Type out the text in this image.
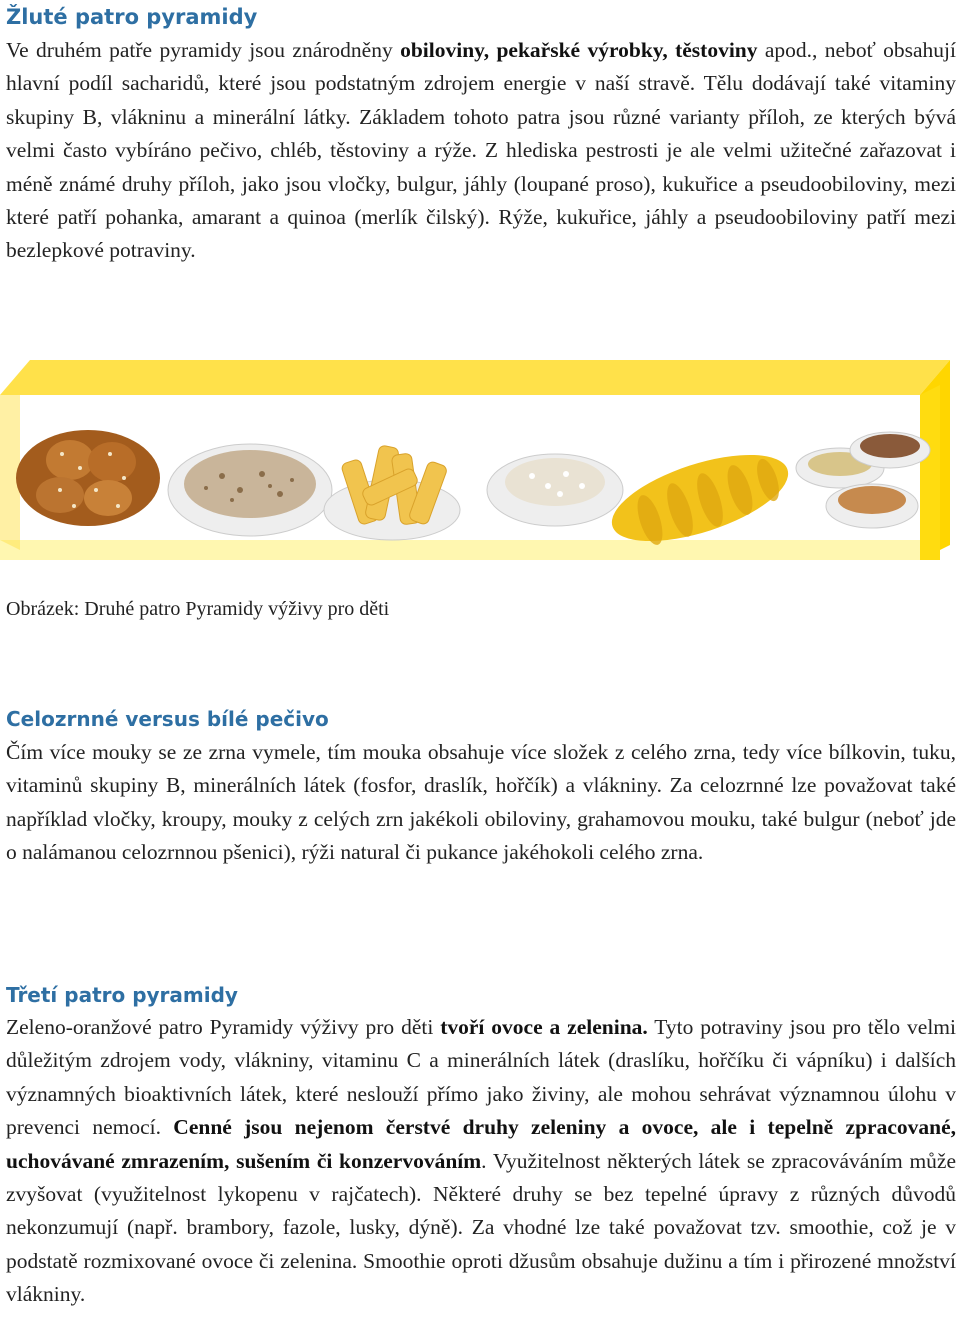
Žluté patro pyramidy

Ve druhém patře pyramidy jsou znárodněny obiloviny, pekařské výrobky, těstoviny apod., neboť obsahují hlavní podíl sacharidů, které jsou podstatným zdrojem energie v naší stravě. Tělu dodávají také vitaminy skupiny B, vlákninu a minerální látky. Základem tohoto patra jsou různé varianty příloh, ze kterých bývá velmi často vybíráno pečivo, chléb, těstoviny a rýže. Z hlediska pestrosti je ale velmi užitečné zařazovat i méně známé druhy příloh, jako jsou vločky, bulgur, jáhly (loupané proso), kukuřice a pseudoobiloviny, mezi které patří pohanka, amarant a quinoa (merlík čilský). Rýže, kukuřice, jáhly a pseudoobiloviny patří mezi bezlepkové potraviny.

Obrázek: Druhé patro Pyramidy výživy pro děti

Celozrnné versus bílé pečivo

Čím více mouky se ze zrna vymele, tím mouka obsahuje více složek z celého zrna, tedy více bílkovin, tuku, vitaminů skupiny B, minerálních látek (fosfor, draslík, hořčík) a vlákniny. Za celozrnné lze považovat také například vločky, kroupy, mouky z celých zrn jakékoli obiloviny, grahamovou mouku, také bulgur (neboť jde o nalámanou celozrnnou pšenici), rýži natural či pukance jakéhokoli celého zrna.

Třetí patro pyramidy

Zeleno-oranžové patro Pyramidy výživy pro děti tvoří ovoce a zelenina. Tyto potraviny jsou pro tělo velmi důležitým zdrojem vody, vlákniny, vitaminu C a minerálních látek (draslíku, hořčíku či vápníku) i dalších významných bioaktivních látek, které neslouží přímo jako živiny, ale mohou sehrávat významnou úlohu v prevenci nemocí. Cenné jsou nejenom čerstvé druhy zeleniny a ovoce, ale i tepelně zpracované, uchovávané zmrazením, sušením či konzervováním. Využitelnost některých látek se zpracováváním může zvyšovat (využitelnost lykopenu v rajčatech). Některé druhy se bez tepelné úpravy z různých důvodů nekonzumují (např. brambory, fazole, lusky, dýně). Za vhodné lze také považovat tzv. smoothie, což je v podstatě rozmixované ovoce či zelenina. Smoothie oproti džusům obsahuje dužinu a tím i přirozené množství vlákniny.
